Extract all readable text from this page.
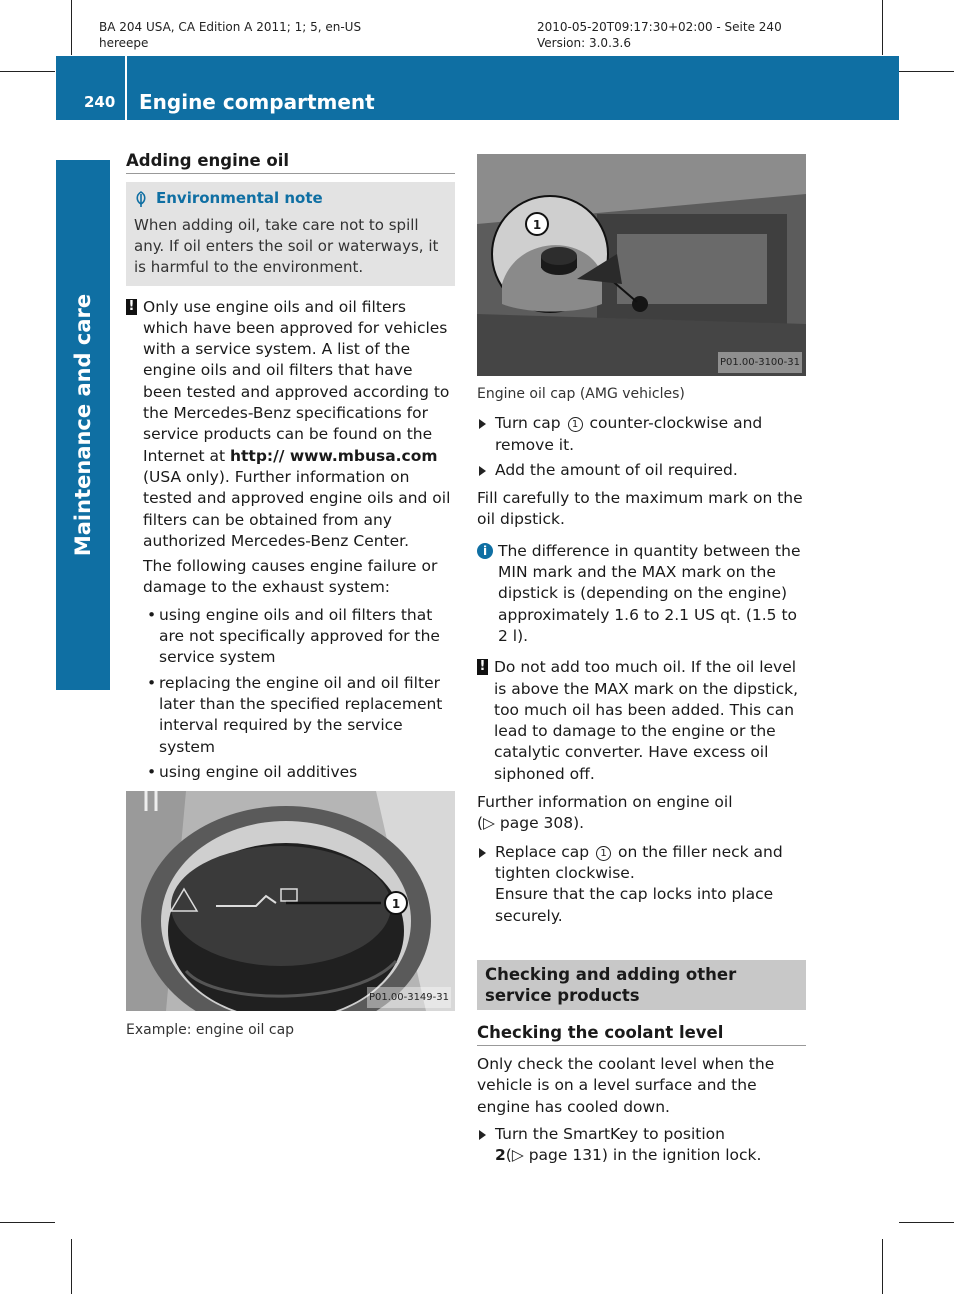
BA 204 USA, CA Edition A 2011; 1; 5, en-US
hereepe
2010-05-20T09:17:30+02:00 - Seite 240
Version: 3.0.3.6
240 Engine compartment
Maintenance and care
Adding engine oil
Environmental note
When adding oil, take care not to spill any. If oil enters the soil or waterways, it is harmful to the environment.
! Only use engine oils and oil filters which have been approved for vehicles with a service system. A list of the engine oils and oil filters that have been tested and approved according to the Mercedes-Benz specifications for service products can be found on the Internet at http:// www.mbusa.com (USA only). Further information on tested and approved engine oils and oil filters can be obtained from any authorized Mercedes-Benz Center.

The following causes engine failure or damage to the exhaust system:

• using engine oils and oil filters that are not specifically approved for the service system
• replacing the engine oil and oil filter later than the specified replacement interval required by the service system
• using engine oil additives
1
P01.00-3149-31
Example: engine oil cap
1
P01.00-3100-31
Engine oil cap (AMG vehicles)

Turn cap 1 counter-clockwise and remove it.

Add the amount of oil required.

Fill carefully to the maximum mark on the oil dipstick.

i The difference in quantity between the MIN mark and the MAX mark on the dipstick is (depending on the engine) approximately 1.6 to 2.1 US qt. (1.5 to 2 l).

! Do not add too much oil. If the oil level is above the MAX mark on the dipstick, too much oil has been added. This can lead to damage to the engine or the catalytic converter. Have excess oil siphoned off.

Further information on engine oil
(▷ page 308).

Replace cap 1 on the filler neck and tighten clockwise.
Ensure that the cap locks into place securely.

Checking and adding other service products
Checking the coolant level

Only check the coolant level when the vehicle is on a level surface and the engine has cooled down.

Turn the SmartKey to position
2(▷ page 131) in the ignition lock.
